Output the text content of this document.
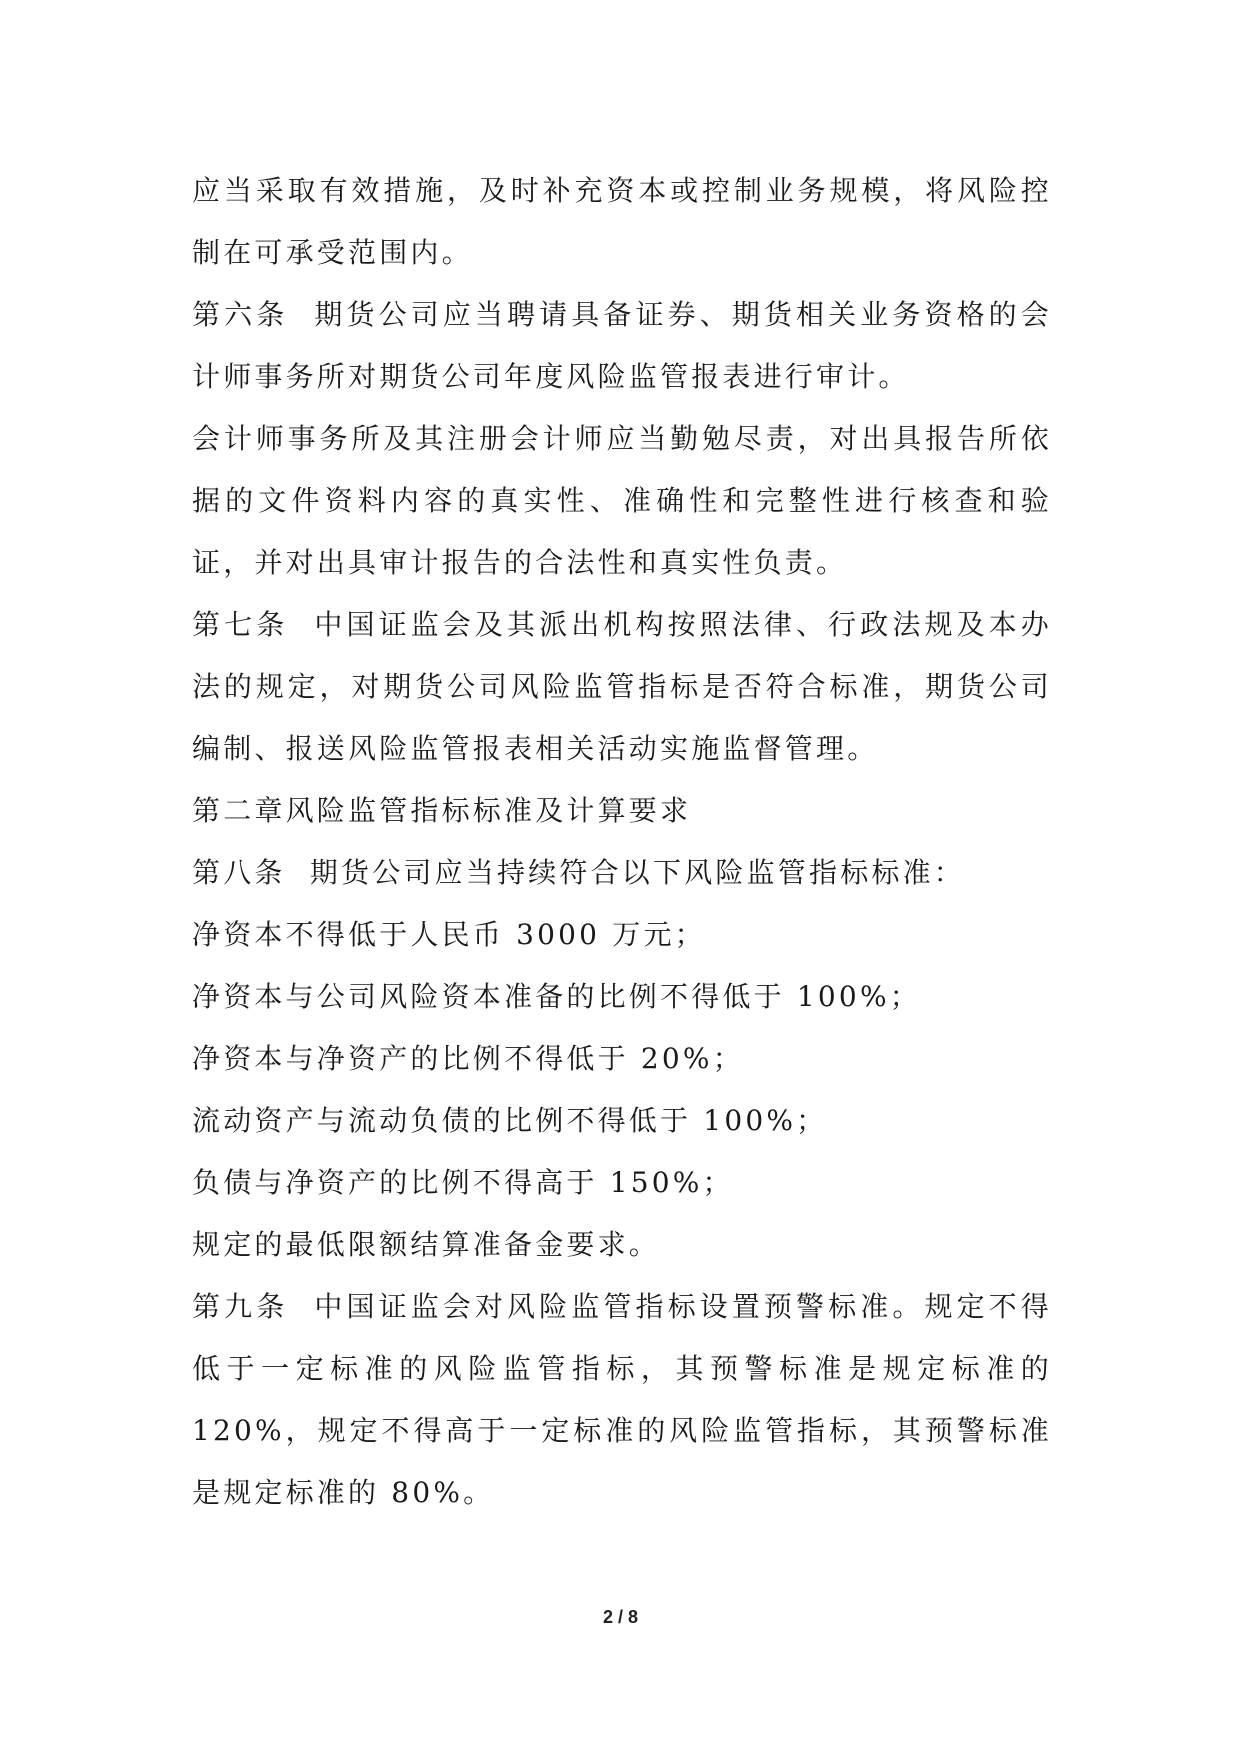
应当采取有效措施，及时补充资本或控制业务规模，将风险控制在可承受范围内。

第六条  期货公司应当聘请具备证券、期货相关业务资格的会计师事务所对期货公司年度风险监管报表进行审计。

会计师事务所及其注册会计师应当勤勉尽责，对出具报告所依据的文件资料内容的真实性、准确性和完整性进行核查和验证，并对出具审计报告的合法性和真实性负责。

第七条  中国证监会及其派出机构按照法律、行政法规及本办法的规定，对期货公司风险监管指标是否符合标准，期货公司编制、报送风险监管报表相关活动实施监督管理。

第二章风险监管指标标准及计算要求

第八条  期货公司应当持续符合以下风险监管指标标准：

净资本不得低于人民币 3000 万元；

净资本与公司风险资本准备的比例不得低于 100%；

净资本与净资产的比例不得低于 20%；

流动资产与流动负债的比例不得低于 100%；

负债与净资产的比例不得高于 150%；

规定的最低限额结算准备金要求。

第九条  中国证监会对风险监管指标设置预警标准。规定不得低于一定标准的风险监管指标，其预警标准是规定标准的 120%，规定不得高于一定标准的风险监管指标，其预警标准是规定标准的 80%。

2 / 8
